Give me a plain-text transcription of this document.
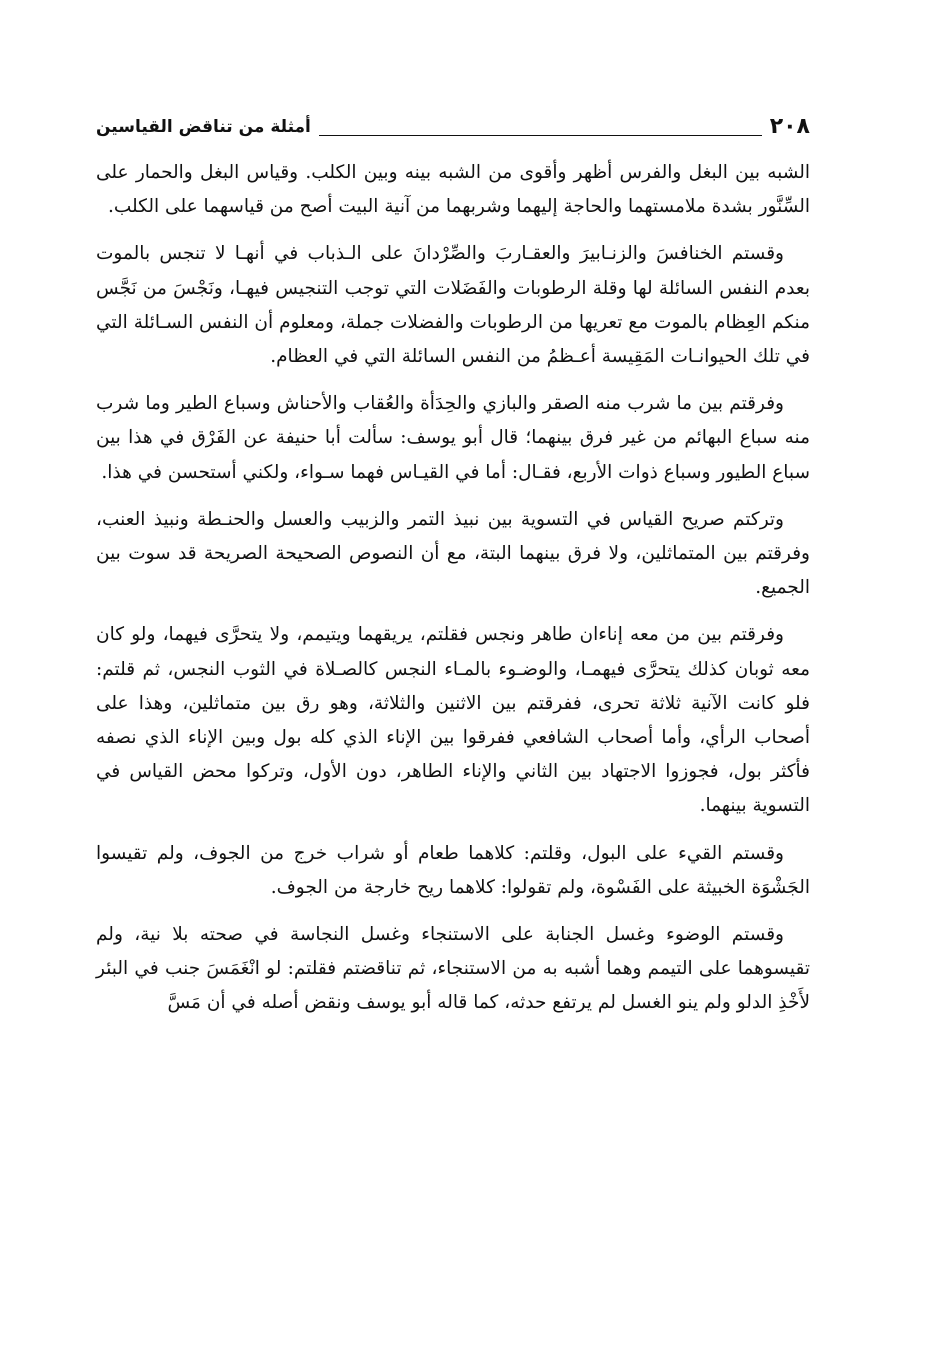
٢٠٨
أمثلة من تناقض القياسين

الشبه بين البغل والفرس أظهر وأقوى من الشبه بينه وبين الكلب. وقياس البغل والحمار على السِّنَّور بشدة ملامستهما والحاجة إليهما وشربهما من آنية البيت أصح من قياسهما على الكلب.

وقستم الخنافسَ والزنـابيرَ والعقـاربَ والصِّرْدانَ على الـذباب في أنهـا لا تنجس بالموت بعدم النفس السائلة لها وقلة الرطوبات والفَضَلات التي توجب التنجيس فيهـا، ونَجْسَ من نَجَّس منكم العِظام بالموت مع تعريها من الرطوبات والفضلات جملة، ومعلوم أن النفس السـائلة التي في تلك الحيوانـات المَقِيسة أعـظمُ من النفس السائلة التي في العظام.

وفرقتم بين ما شرب منه الصقر والبازي والحِدَأة والعُقاب والأحناش وسباع الطير وما شرب منه سباع البهائم من غير فرق بينهما؛ قال أبو يوسف: سألت أبا حنيفة عن الفَرْق في هذا بين سباع الطيور وسباع ذوات الأربع، فقـال: أما في القيـاس فهما سـواء، ولكني أستحسن في هذا.

وتركتم صريح القياس في التسوية بين نبيذ التمر والزبيب والعسل والحنـطة ونبيذ العنب، وفرقتم بين المتماثلين، ولا فرق بينهما البتة، مع أن النصوص الصحيحة الصريحة قد سوت بين الجميع.

وفرقتم بين من معه إناءان طاهر ونجس فقلتم، يريقهما ويتيمم، ولا يتحرَّى فيهما، ولو كان معه ثوبان كذلك يتحرَّى فيهمـا، والوضـوء بالمـاء النجس كالصـلاة في الثوب النجس، ثم قلتم: فلو كانت الآنية ثلاثة تحرى، ففرقتم بين الاثنين والثلاثة، وهو رق بين متماثلين، وهذا على أصحاب الرأي، وأما أصحاب الشافعي ففرقوا بين الإناء الذي كله بول وبين الإناء الذي نصفه فأكثر بول، فجوزوا الاجتهاد بين الثاني والإناء الطاهر، دون الأول، وتركوا محض القياس في التسوية بينهما.

وقستم القيء على البول، وقلتم: كلاهما طعام أو شراب خرج من الجوف، ولم تقيسوا الجَشْوَة الخبيثة على الفَسْوة، ولم تقولوا: كلاهما ريح خارجة من الجوف.

وقستم الوضوء وغسل الجنابة على الاستنجاء وغسل النجاسة في صحته بلا نية، ولم تقيسوهما على التيمم وهما أشبه به من الاستنجاء، ثم تناقضتم فقلتم: لو انْغَمَسَ جنب في البئر لأَخْذِ الدلو ولم ينو الغسل لم يرتفع حدثه، كما قاله أبو يوسف ونقض أصله في أن مَسَّ
